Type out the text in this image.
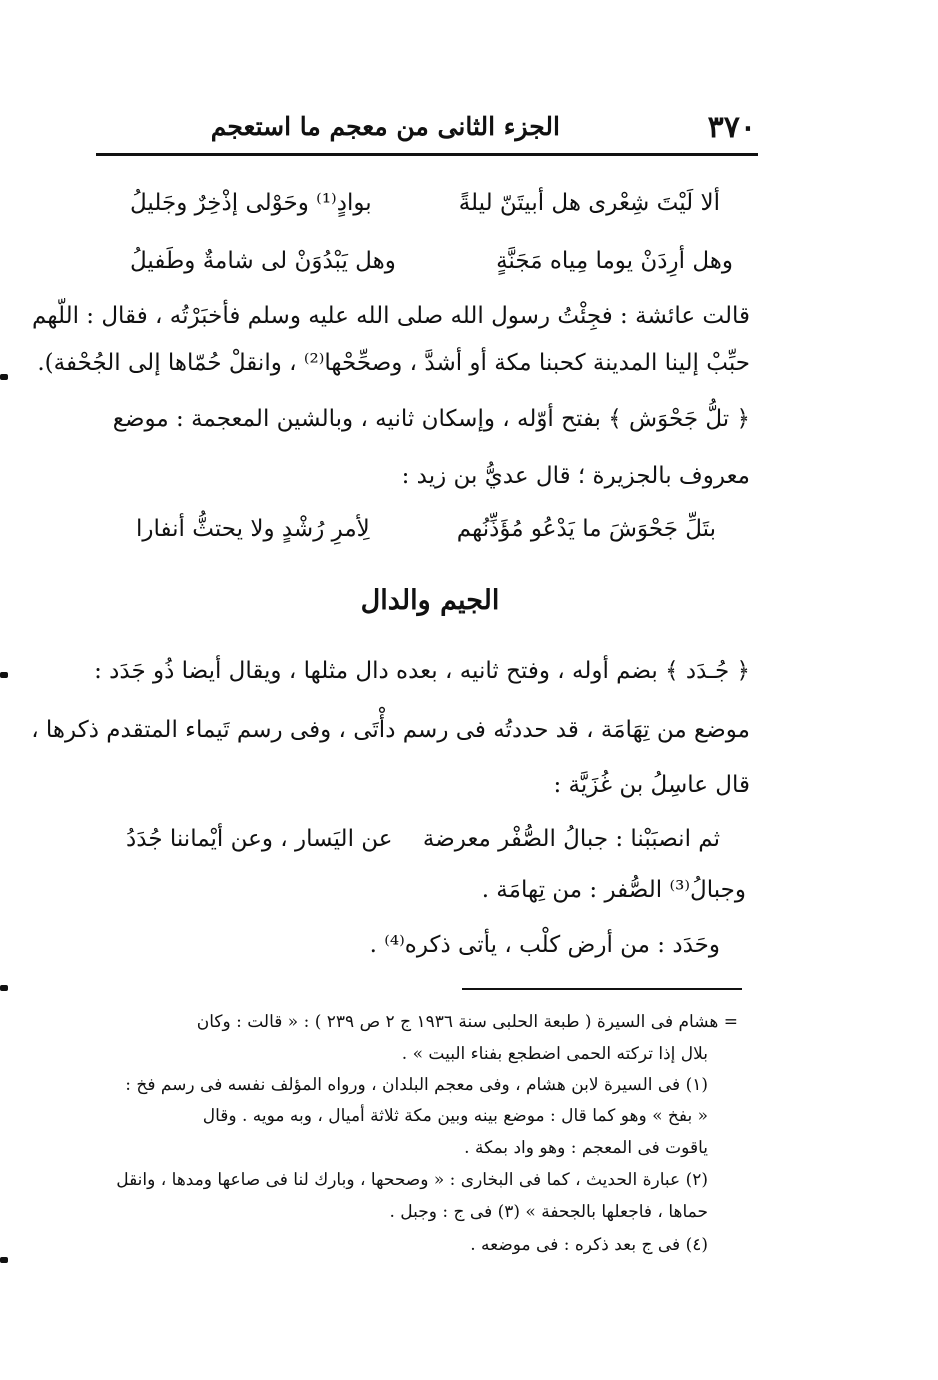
٣٧٠
الجزء الثانى من معجم ما استعجم
ألا لَيْتَ شِعْرى هل أبيتَنّ ليلةً
بوادٍ⁽¹⁾ وحَوْلى إذْخِرٌ وجَليلُ
وهل أرِدَنْ يوما مِياه مَجَنَّةٍ
وهل يَبْدُوَنْ لى شامةٌ وطَفيلُ
قالت عائشة : فجِئْتُ رسول الله صلى الله عليه وسلم فأخبَرْتُه ، فقال : اللّهم
حبِّبْ إلينا المدينة كحبنا مكة أو أشدَّ ، وصحِّحْها⁽²⁾ ، وانقلْ حُمّاها إلى الجُحْفة).
﴿ تلُّ جَحْوَش ﴾ بفتح أوّله ، وإسكان ثانيه ، وبالشين المعجمة : موضع
معروف بالجزيرة ؛ قال عديُّ بن زيد :
بتَلِّ جَحْوَشَ ما يَدْعُو مُؤَذِّنُهم
لِأمرِ رُشْدٍ ولا يحتثُّ أنفارا
الجيم والدال
﴿ جُـدَد ﴾ بضم أوله ، وفتح ثانيه ، بعده دال مثلها ، ويقال أيضا ذُو جَدَد :
موضع من تِهَامَة ، قد حددتُه فى رسم دأْتَى ، وفى رسم تَيماء المتقدم ذكرها ،
قال عاسِلُ بن غُزَيَّة :
ثم انصبَبْنا : جبالُ الصُّفْر معرضة
عن اليَسار ، وعن أيْماننا جُدَدُ
وجبالُ⁽³⁾ الصُّفر : من تِهامَة .
وحَدَد : من أرض كلْب ، يأتى ذكره⁽⁴⁾ .
= هشام فى السيرة ( طبعة الحلبى سنة ١٩٣٦ ج ٢ ص ٢٣٩ ) : « قالت : وكان
بلال إذا تركته الحمى اضطجع بفناء البيت » .
(١) فى السيرة لابن هشام ، وفى معجم البلدان ، ورواه المؤلف نفسه فى رسم فخ :
« بفخ » وهو كما قال : موضع بينه وبين مكة ثلاثة أميال ، وبه مويه . وقال
ياقوت فى المعجم : وهو واد بمكة .
(٢) عبارة الحديث ، كما فى البخارى : « وصححها ، وبارك لنا فى صاعها ومدها ، وانقل
حماها ، فاجعلها بالجحفة » (٣) فى ج : وجبل .
(٤) فى ج بعد ذكره : فى موضعه .
